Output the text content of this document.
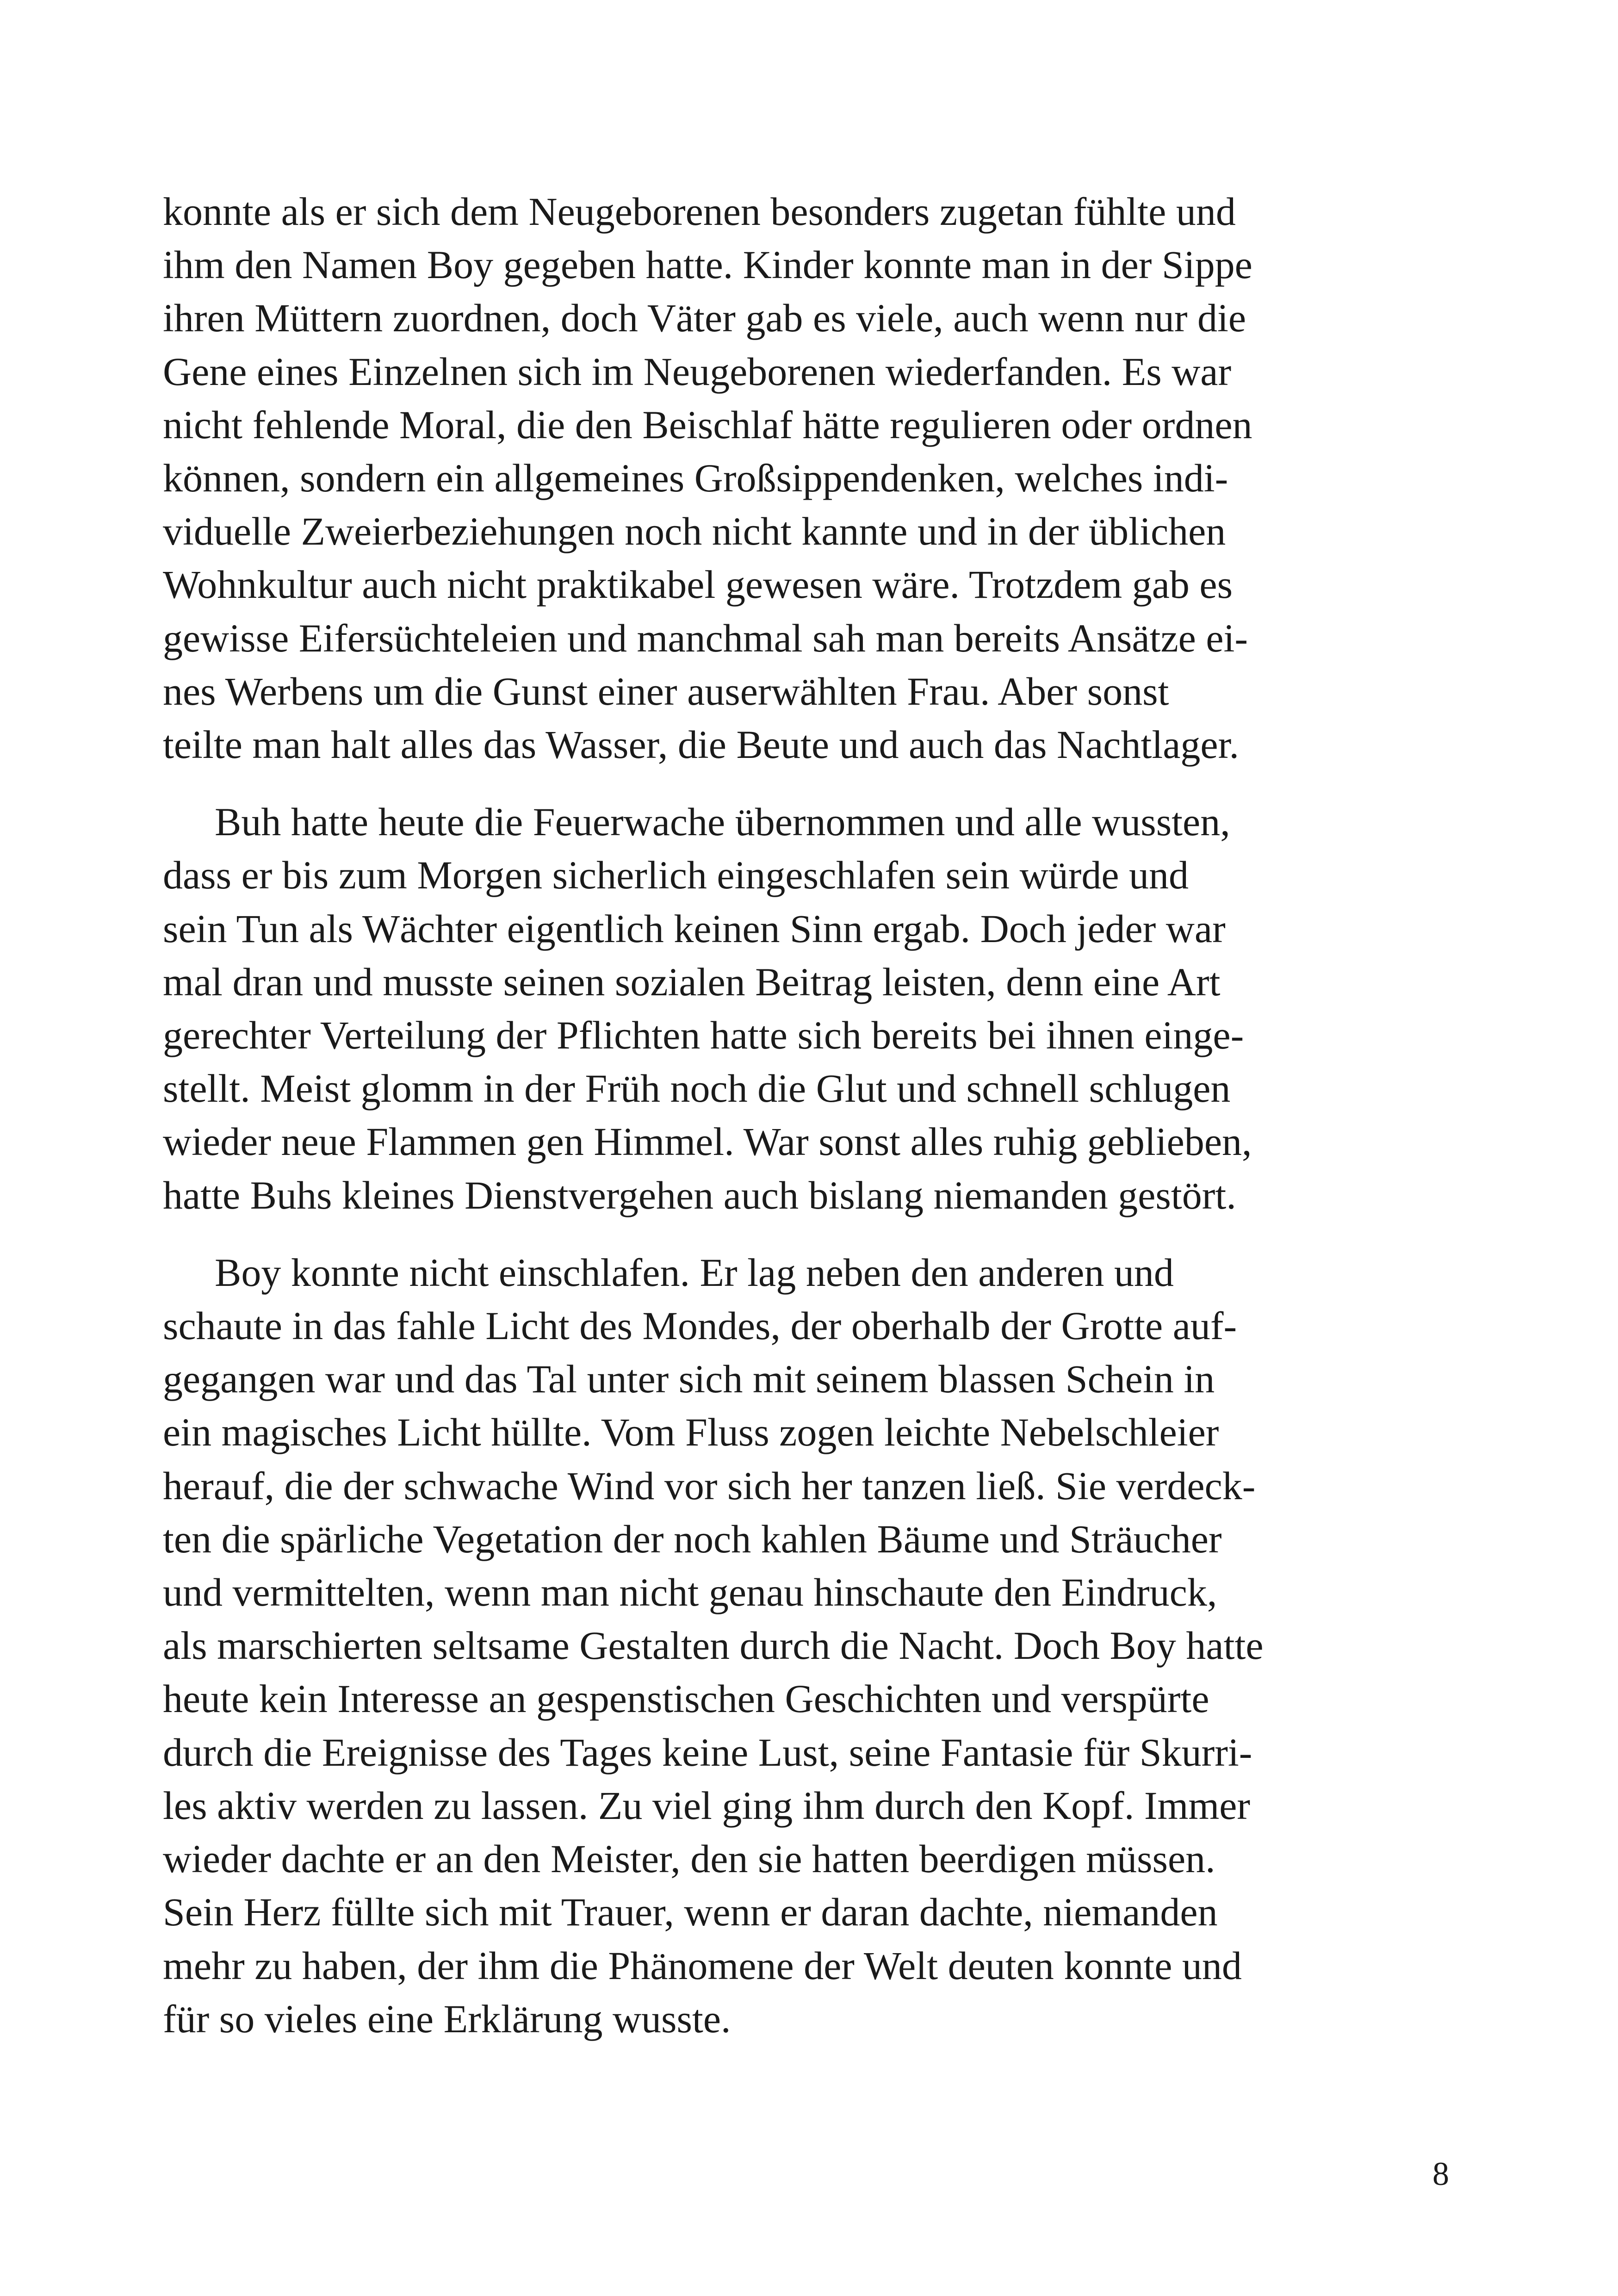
konnte als er sich dem Neugeborenen besonders zugetan fühlte und
ihm den Namen Boy gegeben hatte. Kinder konnte man in der Sippe
ihren Müttern zuordnen, doch Väter gab es viele, auch wenn nur die
Gene eines Einzelnen sich im Neugeborenen wiederfanden. Es war
nicht fehlende Moral, die den Beischlaf hätte regulieren oder ordnen
können, sondern ein allgemeines Großsippendenken, welches indi-
viduelle Zweierbeziehungen noch nicht kannte und in der üblichen
Wohnkultur auch nicht praktikabel gewesen wäre. Trotzdem gab es
gewisse Eifersüchteleien und manchmal sah man bereits Ansätze ei-
nes Werbens um die Gunst einer auserwählten Frau. Aber sonst
teilte man halt alles das Wasser, die Beute und auch das Nachtlager.

Buh hatte heute die Feuerwache übernommen und alle wussten,
dass er bis zum Morgen sicherlich eingeschlafen sein würde und
sein Tun als Wächter eigentlich keinen Sinn ergab. Doch jeder war
mal dran und musste seinen sozialen Beitrag leisten, denn eine Art
gerechter Verteilung der Pflichten hatte sich bereits bei ihnen einge-
stellt. Meist glomm in der Früh noch die Glut und schnell schlugen
wieder neue Flammen gen Himmel. War sonst alles ruhig geblieben,
hatte Buhs kleines Dienstvergehen auch bislang niemanden gestört.

Boy konnte nicht einschlafen. Er lag neben den anderen und
schaute in das fahle Licht des Mondes, der oberhalb der Grotte auf-
gegangen war und das Tal unter sich mit seinem blassen Schein in
ein magisches Licht hüllte. Vom Fluss zogen leichte Nebelschleier
herauf, die der schwache Wind vor sich her tanzen ließ. Sie verdeck-
ten die spärliche Vegetation der noch kahlen Bäume und Sträucher
und vermittelten, wenn man nicht genau hinschaute den Eindruck,
als marschierten seltsame Gestalten durch die Nacht. Doch Boy hatte
heute kein Interesse an gespenstischen Geschichten und verspürte
durch die Ereignisse des Tages keine Lust, seine Fantasie für Skurri-
les aktiv werden zu lassen. Zu viel ging ihm durch den Kopf. Immer
wieder dachte er an den Meister, den sie hatten beerdigen müssen.
Sein Herz füllte sich mit Trauer, wenn er daran dachte, niemanden
mehr zu haben, der ihm die Phänomene der Welt deuten konnte und
für so vieles eine Erklärung wusste.

8
